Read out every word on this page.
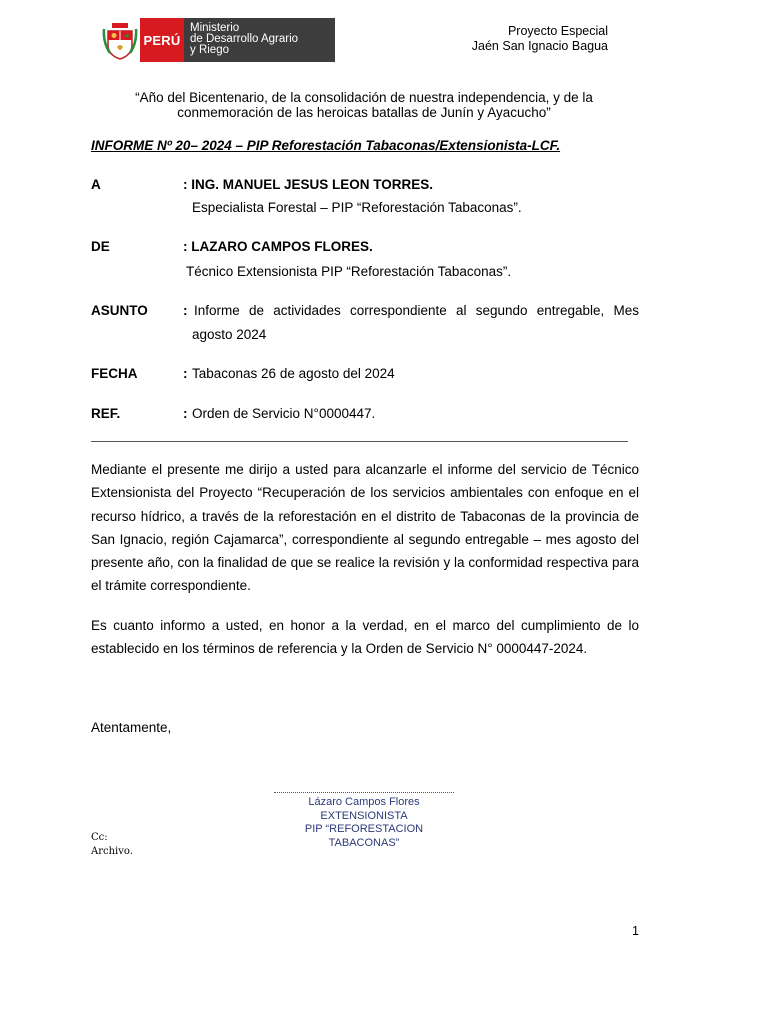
PERÚ
Ministerio
de Desarrollo Agrario
y Riego
Proyecto Especial
Jaén San Ignacio Bagua
“Año del Bicentenario, de la consolidación de nuestra independencia, y de la
conmemoración de las heroicas batallas de Junín y Ayacucho”
INFORME Nº 20– 2024 – PIP Reforestación Tabaconas/Extensionista-LCF.
A	: ING. MANUEL JESUS LEON TORRES.
Especialista Forestal – PIP “Reforestación Tabaconas”.
DE	: LAZARO CAMPOS FLORES.
Técnico Extensionista PIP “Reforestación Tabaconas”.
ASUNTO	: Informe de actividades correspondiente al segundo entregable, Mes
agosto 2024
FECHA	: Tabaconas 26 de agosto del 2024
REF.	: Orden de Servicio N°0000447.
Mediante el presente me dirijo a usted para alcanzarle el informe del servicio de Técnico Extensionista del Proyecto “Recuperación de los servicios ambientales con enfoque en el recurso hídrico, a través de la reforestación en el distrito de Tabaconas de la provincia de San Ignacio, región Cajamarca”, correspondiente al segundo entregable – mes agosto del presente año, con la finalidad de que se realice la revisión y la conformidad respectiva para el trámite correspondiente.
Es cuanto informo a usted, en honor a la verdad, en el marco del cumplimiento de lo establecido en los términos de referencia y la Orden de Servicio N° 0000447-2024.
Atentamente,
Lázaro Campos Flores
EXTENSIONISTA
PIP “REFORESTACION TABACONAS”
Cc:
Archivo.
1
